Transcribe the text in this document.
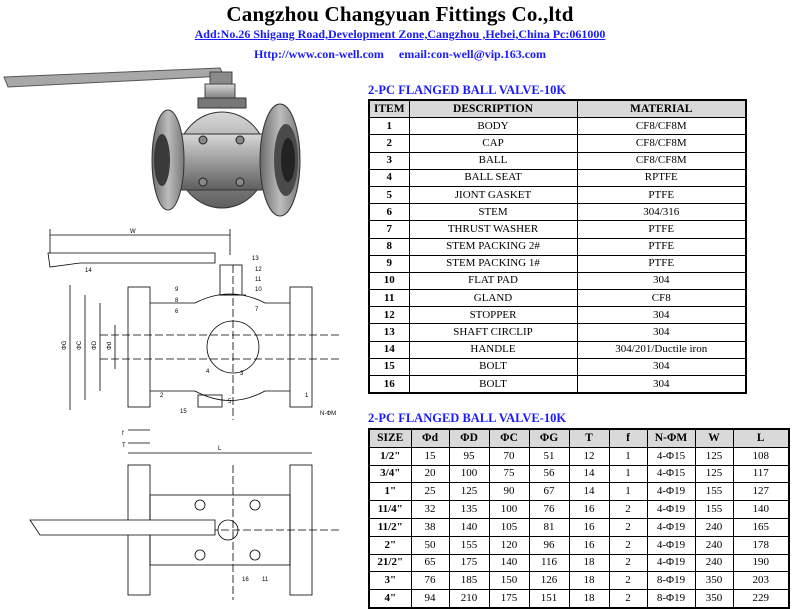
Cangzhou Changyuan Fittings Co.,ltd
Add:No.26 Shigang Road,Development Zone,Cangzhou ,Hebei,China Pc:061000
Http://www.con-well.com email:con-well@vip.163.com
W
14
13
12
11
10
9
8
6	7
ΦG ΦC ΦD Φd
4	3
5
2	1
15
f
T	L
16
N-ΦM
11
2-PC FLANGED BALL VALVE-10K
ITEM	DESCRIPTION	MATERIAL
1	BODY	CF8/CF8M
2	CAP	CF8/CF8M
3	BALL	CF8/CF8M
4	BALL SEAT	RPTFE
5	JIONT GASKET	PTFE
6	STEM	304/316
7	THRUST WASHER	PTFE
8	STEM PACKING 2#	PTFE
9	STEM PACKING 1#	PTFE
10	FLAT PAD	304
11	GLAND	CF8
12	STOPPER	304
13	SHAFT CIRCLIP	304
14	HANDLE	304/201/Ductile iron
15	BOLT	304
16	BOLT	304
2-PC FLANGED BALL VALVE-10K
SIZE	Φd	ΦD	ΦC	ΦG	T	f	N-ΦM	W	L
1/2"	15	95	70	51	12	1	4-Φ15	125	108
3/4"	20	100	75	56	14	1	4-Φ15	125	117
1"	25	125	90	67	14	1	4-Φ19	155	127
11/4"	32	135	100	76	16	2	4-Φ19	155	140
11/2"	38	140	105	81	16	2	4-Φ19	240	165
2"	50	155	120	96	16	2	4-Φ19	240	178
21/2"	65	175	140	116	18	2	4-Φ19	240	190
3"	76	185	150	126	18	2	8-Φ19	350	203
4"	94	210	175	151	18	2	8-Φ19	350	229
